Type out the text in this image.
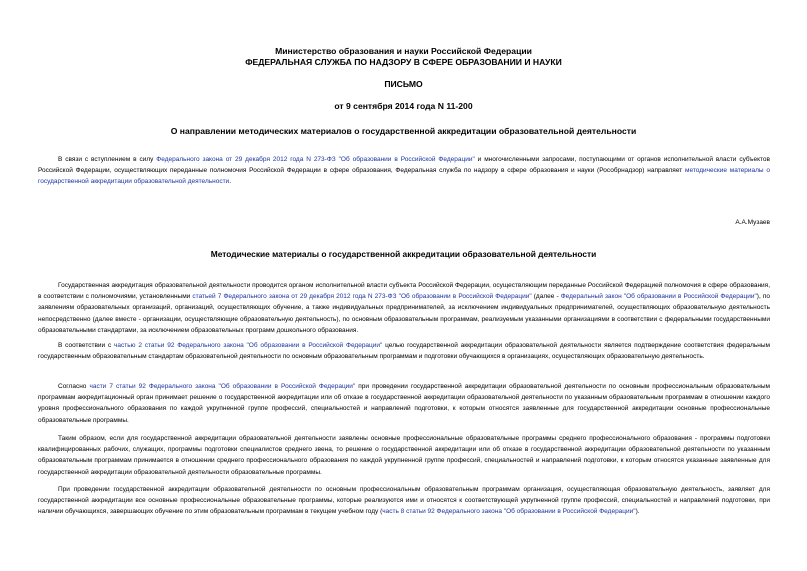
Министерство образования и науки Российской Федерации
ФЕДЕРАЛЬНАЯ СЛУЖБА ПО НАДЗОРУ В СФЕРЕ ОБРАЗОВАНИИ И НАУКИ
ПИСЬМО
от 9 сентября 2014 года N 11-200
О направлении методических материалов о государственной аккредитации образовательной деятельности

В связи с вступлением в силу Федерального закона от 29 декабря 2012 года N 273-ФЗ "Об образовании в Российской Федерации" и многочисленными запросами, поступающими от органов исполнительной власти субъектов Российской Федерации, осуществляющих переданные полномочия Российской Федерации в сфере образования, Федеральная служба по надзору в сфере образования и науки (Рособрнадзор) направляет методические материалы о государственной аккредитации образовательной деятельности.

А.А.Музаев
Методические материалы о государственной аккредитации образовательной деятельности

Государственная аккредитация образовательной деятельности проводится органом исполнительной власти субъекта Российской Федерации, осуществляющим переданные Российской Федерацией полномочия в сфере образования, в соответствии с полномочиями, установленными статьей 7 Федерального закона от 29 декабря 2012 года N 273-ФЗ "Об образовании в Российской Федерации" (далее - Федеральный закон "Об образовании в Российской Федерации"), по заявлениям образовательных организаций, организаций, осуществляющих обучение, а также индивидуальных предпринимателей, за исключением индивидуальных предпринимателей, осуществляющих образовательную деятельность непосредственно (далее вместе - организации, осуществляющие образовательную деятельность), по основным образовательным программам, реализуемым указанными организациями в соответствии с федеральными государственными образовательными стандартами, за исключением образовательных программ дошкольного образования.

В соответствии с частью 2 статьи 92 Федерального закона "Об образовании в Российской Федерации" целью государственной аккредитации образовательной деятельности является подтверждение соответствия федеральным государственным образовательным стандартам образовательной деятельности по основным образовательным программам и подготовки обучающихся в организациях, осуществляющих образовательную деятельность.

Согласно части 7 статьи 92 Федерального закона "Об образовании в Российской Федерации" при проведении государственной аккредитации образовательной деятельности по основным профессиональным образовательным программам аккредитационный орган принимает решение о государственной аккредитации или об отказе в государственной аккредитации образовательной деятельности по указанным образовательным программам в отношении каждого уровня профессионального образования по каждой укрупненной группе профессий, специальностей и направлений подготовки, к которым относятся заявленные для государственной аккредитации основные профессиональные образовательные программы.

Таким образом, если для государственной аккредитации образовательной деятельности заявлены основные профессиональные образовательные программы среднего профессионального образования - программы подготовки квалифицированных рабочих, служащих, программы подготовки специалистов среднего звена, то решение о государственной аккредитации или об отказе в государственной аккредитации образовательной деятельности по указанным образовательным программам принимается в отношении среднего профессионального образования по каждой укрупненной группе профессий, специальностей и направлений подготовки, к которым относятся указанные заявленные для государственной аккредитации образовательной деятельности образовательные программы.

При проведении государственной аккредитации образовательной деятельности по основным профессиональным образовательным программам организация, осуществляющая образовательную деятельность, заявляет для государственной аккредитации все основные профессиональные образовательные программы, которые реализуются ими и относятся к соответствующей укрупненной группе профессий, специальностей и направлений подготовки, при наличии обучающихся, завершающих обучение по этим образовательным программам в текущем учебном году (часть 8 статьи 92 Федерального закона "Об образовании в Российской Федерации").
